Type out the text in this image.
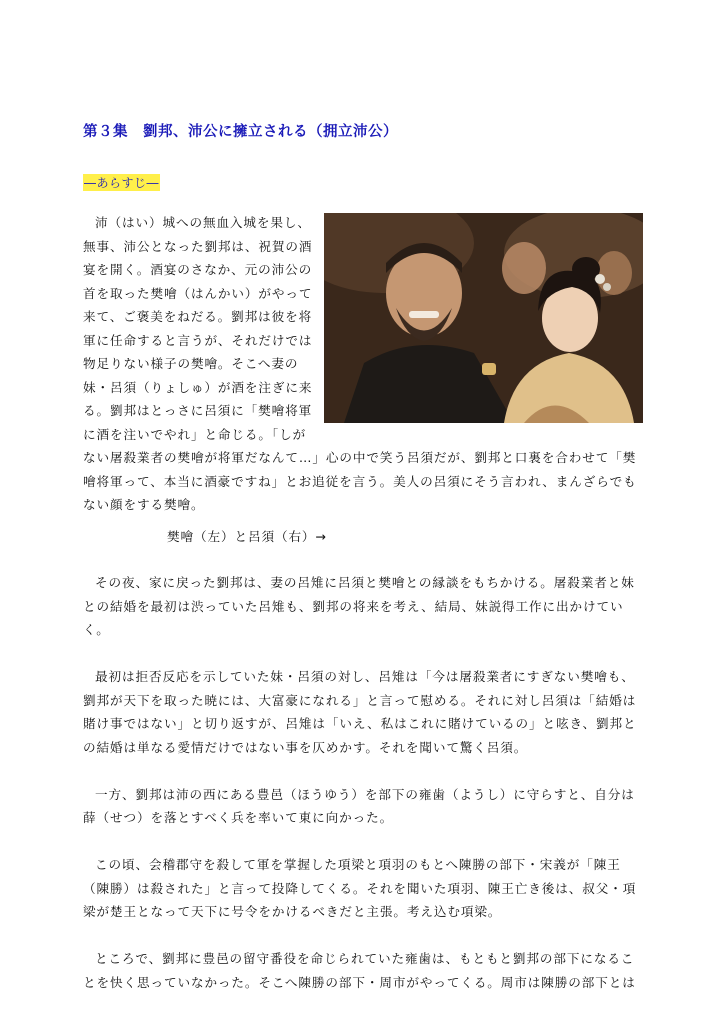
第３集　劉邦、沛公に擁立される（拥立沛公）
―あらすじ―
沛（はい）城への無血入城を果し、無事、沛公となった劉邦は、祝賀の酒宴を開く。酒宴のさなか、元の沛公の首を取った樊噲（はんかい）がやって来て、ご褒美をねだる。劉邦は彼を将軍に任命すると言うが、それだけでは物足りない様子の樊噲。そこへ妻の妹・呂須（りょしゅ）が酒を注ぎに来る。劉邦はとっさに呂須に「樊噲将軍に酒を注いでやれ」と命じる。「しがない屠殺業者の樊噲が将軍だなんて…」心の中で笑う呂須だが、劉邦と口裏を合わせて「樊噲将軍って、本当に酒豪ですね」とお追従を言う。美人の呂須にそう言われ、まんざらでもない顔をする樊噲。
樊噲（左）と呂須（右）→

その夜、家に戻った劉邦は、妻の呂雉に呂須と樊噲との縁談をもちかける。屠殺業者と妹との結婚を最初は渋っていた呂雉も、劉邦の将来を考え、結局、妹説得工作に出かけていく。

最初は拒否反応を示していた妹・呂須の対し、呂雉は「今は屠殺業者にすぎない樊噲も、劉邦が天下を取った暁には、大富豪になれる」と言って慰める。それに対し呂須は「結婚は賭け事ではない」と切り返すが、呂雉は「いえ、私はこれに賭けているの」と呟き、劉邦との結婚は単なる愛情だけではない事を仄めかす。それを聞いて驚く呂須。

一方、劉邦は沛の西にある豊邑（ほうゆう）を部下の雍歯（ようし）に守らすと、自分は薛（せつ）を落とすべく兵を率いて東に向かった。

この頃、会稽郡守を殺して軍を掌握した項梁と項羽のもとへ陳勝の部下・宋義が「陳王（陳勝）は殺された」と言って投降してくる。それを聞いた項羽、陳王亡き後は、叔父・項梁が楚王となって天下に号令をかけるべきだと主張。考え込む項梁。

ところで、劉邦に豊邑の留守番役を命じられていた雍歯は、もともと劉邦の部下になることを快く思っていなかった。そこへ陳勝の部下・周市がやってくる。周市は陳勝の部下とは
